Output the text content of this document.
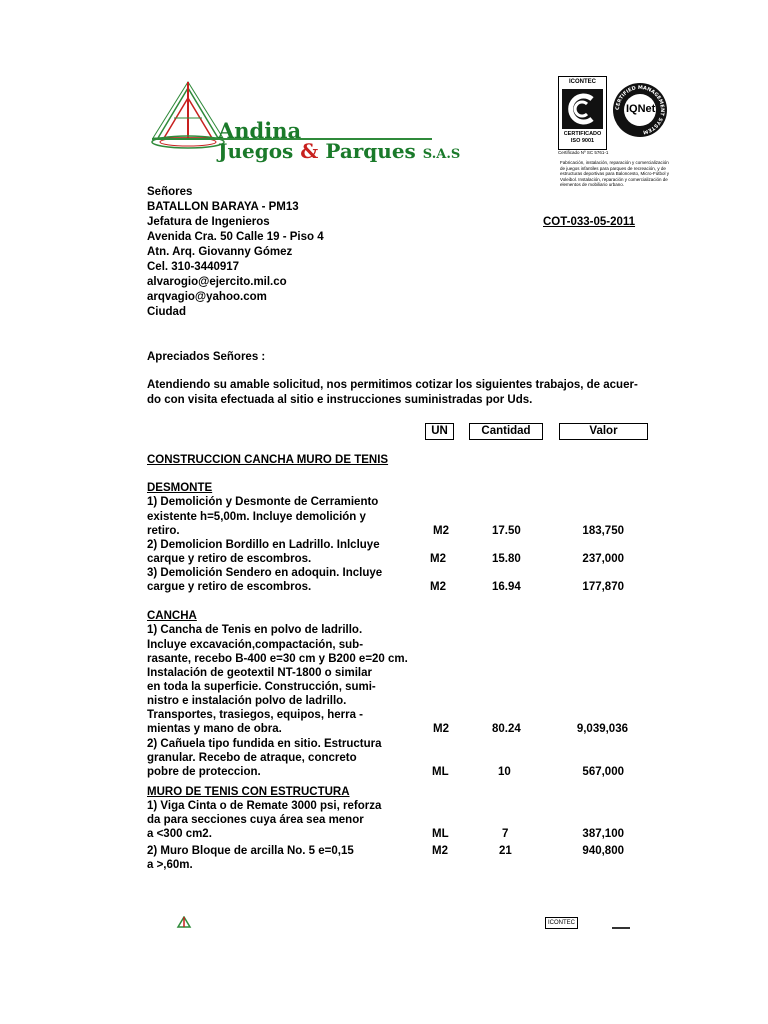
Andina
Juegos & Parques S.A.S
ICONTEC
CERTIFICADO
ISO 9001
Certificado Nº SC 5761-1
CERTIFIED MANAGEMENT SYSTEM
IQNet
Fabricación, instalación, reparación y comercialización de juegos infantiles para parques de recreación, y de estructuras deportivas para Baloncesto, Micro-Fútbol y Voleibol. Instalación, reparación y comercialización de elementos de mobiliario urbano.
Señores
BATALLON BARAYA - PM13
Jefatura de Ingenieros
Avenida Cra. 50 Calle 19 - Piso 4
Atn. Arq. Giovanny Gómez
Cel. 310-3440917
alvarogio@ejercito.mil.co
arqvagio@yahoo.com
Ciudad
COT-033-05-2011
Apreciados Señores :
Atendiendo su amable solicitud, nos permitimos cotizar los siguientes trabajos, de acuer-
do con visita efectuada al sitio e instrucciones suministradas por Uds.
UN	Cantidad	Valor
CONSTRUCCION CANCHA MURO DE TENIS
DESMONTE
1) Demolición y Desmonte de Cerramiento
existente h=5,00m. Incluye demolición y
retiro.	M2	17.50	183,750
2) Demolicion Bordillo en Ladrillo. Inlcluye
carque y retiro de escombros.	M2	15.80	237,000
3) Demolición Sendero en adoquin. Incluye
cargue y retiro de escombros.	M2	16.94	177,870
CANCHA
1) Cancha de Tenis en polvo de ladrillo.
Incluye excavación,compactación, sub-
rasante, recebo B-400 e=30 cm y B200 e=20 cm.
Instalación de geotextil NT-1800 o similar
en toda la superficie. Construcción, sumi-
nistro e instalación polvo de ladrillo.
Transportes, trasiegos, equipos, herra -
mientas y mano de obra.	M2	80.24	9,039,036
2) Cañuela tipo fundida en sitio. Estructura
granular. Recebo de atraque, concreto
pobre de proteccion.	ML	10	567,000
MURO DE TENIS CON ESTRUCTURA
1) Viga Cinta o de Remate 3000 psi, reforza
da para secciones cuya área sea menor
a <300 cm2.	ML	7	387,100
2) Muro Bloque de arcilla No. 5 e=0,15
a >,60m.
M2	21	940,800
ICONTEC
